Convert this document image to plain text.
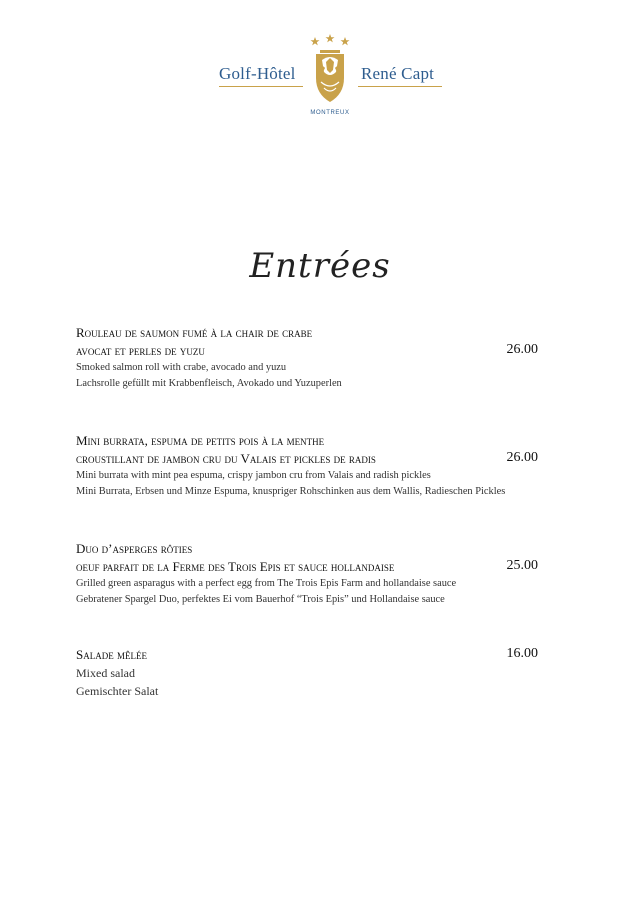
Golf-Hôtel	René Capt
MONTREUX
Entrées
Rouleau de saumon fumé à la chair de crabe
avocat et perles de yuzu	26.00
Smoked salmon roll with crabe, avocado and yuzu
Lachsrolle gefüllt mit Krabbenfleisch, Avokado und Yuzuperlen
Mini burrata, espuma de petits pois à la menthe
croustillant de jambon cru du Valais et pickles de radis	26.00
Mini burrata with mint pea espuma, crispy jambon cru from Valais and radish pickles
Mini Burrata, Erbsen und Minze Espuma, knuspriger Rohschinken aus dem Wallis, Radieschen Pickles
Duo d’asperges rôties
oeuf parfait de la Ferme des Trois Epis et sauce hollandaise	25.00
Grilled green asparagus with a perfect egg from The Trois Epis Farm and hollandaise sauce
Gebratener Spargel Duo, perfektes Ei vom Bauerhof “Trois Epis” und Hollandaise sauce
Salade mêlée	16.00
Mixed salad
Gemischter Salat
